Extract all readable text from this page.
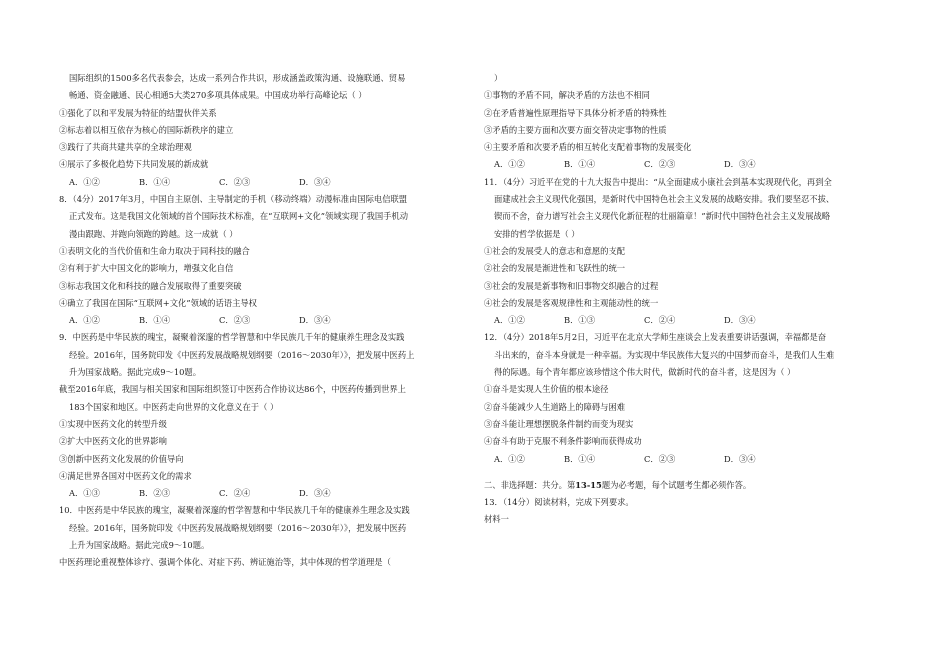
国际组织的1500多名代表参会，达成一系列合作共识，形成涵盖政策沟通、设施联通、贸易
畅通、资金融通、民心相通5大类270多项具体成果。中国成功举行高峰论坛（ ）
①强化了以和平发展为特征的结盟伙伴关系
②标志着以相互依存为核心的国际新秩序的建立
③践行了共商共建共享的全球治理观
④展示了多极化趋势下共同发展的新成就
A．①②	B．①④	C．②③	D．③④
8．（4分）2017年3月，中国自主原创、主导制定的手机（移动终端）动漫标准由国际电信联盟
正式发布。这是我国文化领域的首个国际技术标准，在“互联网+文化”领域实现了我国手机动
漫由跟跑、并跑向领跑的跨越。这一成就（ ）
①表明文化的当代价值和生命力取决于同科技的融合
②有利于扩大中国文化的影响力，增强文化自信
③标志我国文化和科技的融合发展取得了重要突破
④确立了我国在国际“互联网+文化”领域的话语主导权
A．①②	B．①④	C．②③	D．③④
9．中医药是中华民族的瑰宝，凝聚着深邃的哲学智慧和中华民族几千年的健康养生理念及实践
经验。2016年，国务院印发《中医药发展战略规划纲要（2016～2030年）》，把发展中医药上
升为国家战略。据此完成9～10题。
截至2016年底，我国与相关国家和国际组织签订中医药合作协议达86个，中医药传播到世界上
183个国家和地区。中医药走向世界的文化意义在于（ ）
①实现中医药文化的转型升级
②扩大中医药文化的世界影响
③创新中医药文化发展的价值导向
④满足世界各国对中医药文化的需求
A．①③	B．②③	C．②④	D．③④
10．中医药是中华民族的瑰宝，凝聚着深邃的哲学智慧和中华民族几千年的健康养生理念及实践
经验。2016年，国务院印发《中医药发展战略规划纲要（2016～2030年）》，把发展中医药
上升为国家战略。据此完成9～10题。
中医药理论重视整体诊疗、强调个体化、对症下药、辨证施治等，其中体现的哲学道理是（
）
①事物的矛盾不同，解决矛盾的方法也不相同
②在矛盾普遍性原理指导下具体分析矛盾的特殊性
③矛盾的主要方面和次要方面交替决定事物的性质
④主要矛盾和次要矛盾的相互转化支配着事物的发展变化
A．①②	B．①④	C．②③	D．③④
11．（4分）习近平在党的十九大报告中提出：“从全面建成小康社会到基本实现现代化，再到全
面建成社会主义现代化强国，是新时代中国特色社会主义发展的战略安排。我们要坚忍不拔、
锲而不舍，奋力谱写社会主义现代化新征程的壮丽篇章！”新时代中国特色社会主义发展战略
安排的哲学依据是（ ）
①社会的发展受人的意志和意愿的支配
②社会的发展是渐进性和飞跃性的统一
③社会的发展是新事物和旧事物交织融合的过程
④社会的发展是客观规律性和主观能动性的统一
A．①②	B．①③	C．②④	D．③④
12．（4分）2018年5月2日，习近平在北京大学师生座谈会上发表重要讲话强调，幸福都是奋
斗出来的，奋斗本身就是一种幸福。为实现中华民族伟大复兴的中国梦而奋斗，是我们人生难
得的际遇。每个青年都应该珍惜这个伟大时代，做新时代的奋斗者，这是因为（ ）
①奋斗是实现人生价值的根本途径
②奋斗能减少人生道路上的障碍与困难
③奋斗能让理想摆脱条件制约而变为现实
④奋斗有助于克服不利条件影响而获得成功
A．①②	B．①④	C．②③	D．③④
二、非选择题：共分。第13-15题为必考题，每个试题考生都必须作答。
13．（14分）阅读材料，完成下列要求。
材料一
